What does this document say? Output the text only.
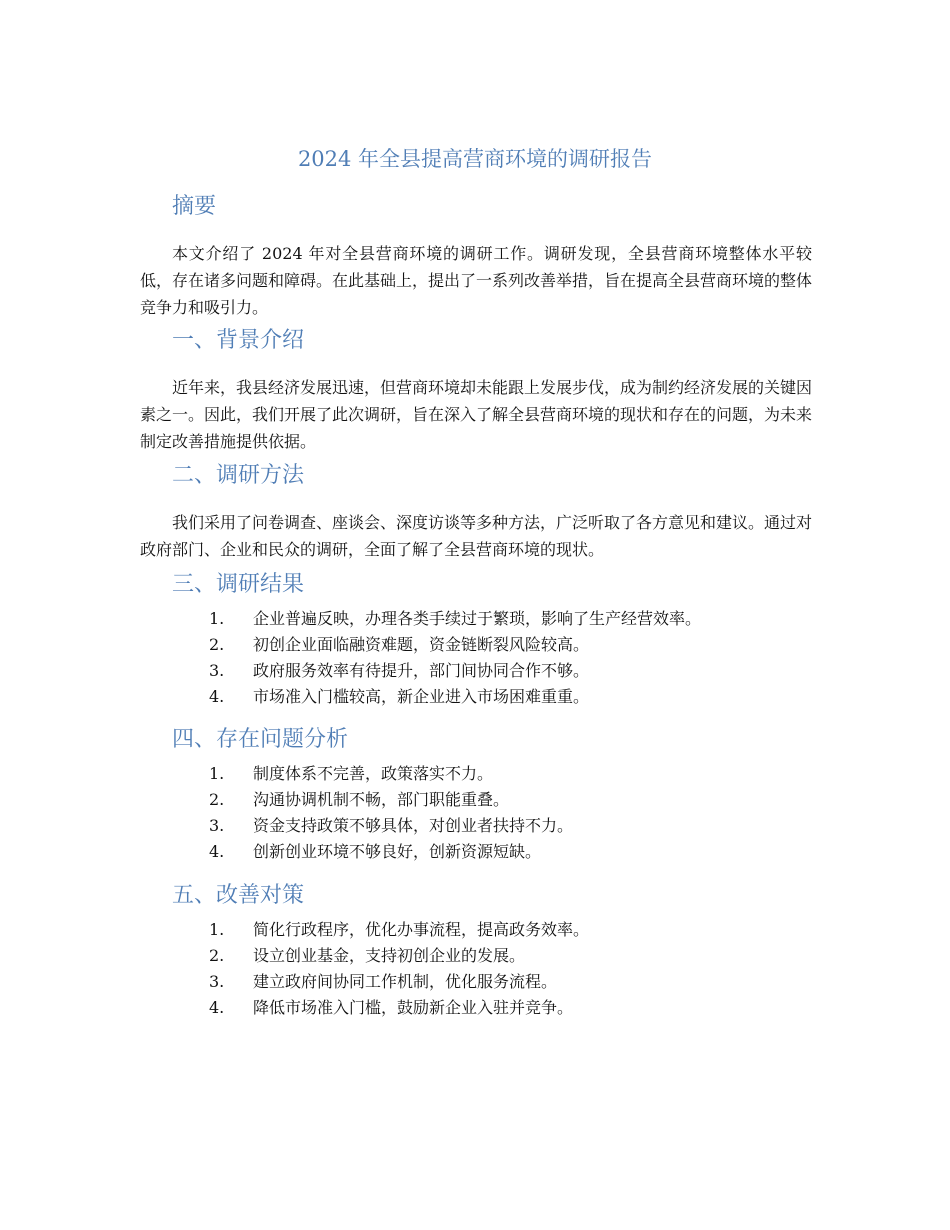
2024 年全县提高营商环境的调研报告
摘要

本文介绍了 2024 年对全县营商环境的调研工作。调研发现，全县营商环境整体水平较低，存在诸多问题和障碍。在此基础上，提出了一系列改善举措，旨在提高全县营商环境的整体竞争力和吸引力。

一、背景介绍

近年来，我县经济发展迅速，但营商环境却未能跟上发展步伐，成为制约经济发展的关键因素之一。因此，我们开展了此次调研，旨在深入了解全县营商环境的现状和存在的问题，为未来制定改善措施提供依据。

二、调研方法

我们采用了问卷调查、座谈会、深度访谈等多种方法，广泛听取了各方意见和建议。通过对政府部门、企业和民众的调研，全面了解了全县营商环境的现状。

三、调研结果
1. 企业普遍反映，办理各类手续过于繁琐，影响了生产经营效率。
2. 初创企业面临融资难题，资金链断裂风险较高。
3. 政府服务效率有待提升，部门间协同合作不够。
4. 市场准入门槛较高，新企业进入市场困难重重。
四、存在问题分析
1. 制度体系不完善，政策落实不力。
2. 沟通协调机制不畅，部门职能重叠。
3. 资金支持政策不够具体，对创业者扶持不力。
4. 创新创业环境不够良好，创新资源短缺。
五、改善对策
1. 简化行政程序，优化办事流程，提高政务效率。
2. 设立创业基金，支持初创企业的发展。
3. 建立政府间协同工作机制，优化服务流程。
4. 降低市场准入门槛，鼓励新企业入驻并竞争。
